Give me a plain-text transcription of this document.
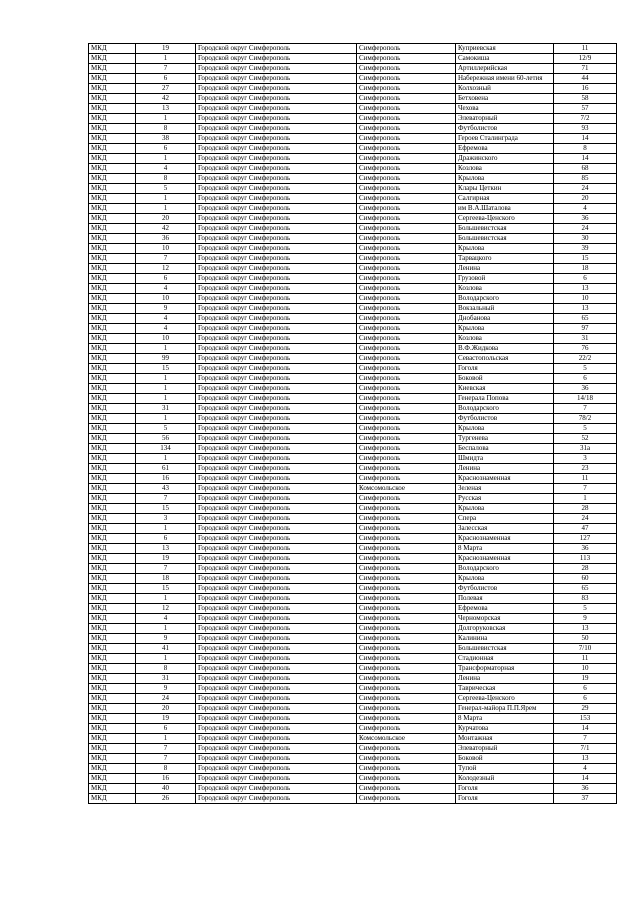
МКД	19	Городской округ Симферополь	Симферополь	Куприевская	11
МКД	1	Городской округ Симферополь	Симферополь	Самокиша	12/9
МКД	7	Городской округ Симферополь	Симферополь	Артиллерийская	71
МКД	6	Городской округ Симферополь	Симферополь	Набережная имени 60-летия	44
МКД	27	Городской округ Симферополь	Симферополь	Колхозный	16
МКД	42	Городской округ Симферополь	Симферополь	Бетховена	58
МКД	13	Городской округ Симферополь	Симферополь	Чехова	57
МКД	1	Городской округ Симферополь	Симферополь	Элеваторный	7/2
МКД	8	Городской округ Симферополь	Симферополь	Футболистов	93
МКД	38	Городской округ Симферополь	Симферополь	Героев Сталинграда	14
МКД	6	Городской округ Симферополь	Симферополь	Ефремова	8
МКД	1	Городской округ Симферополь	Симферополь	Дражинского	14
МКД	4	Городской округ Симферополь	Симферополь	Козлова	68
МКД	8	Городской округ Симферополь	Симферополь	Крылова	85
МКД	5	Городской округ Симферополь	Симферополь	Клары Цеткин	24
МКД	1	Городской округ Симферополь	Симферополь	Салгирная	20
МКД	1	Городской округ Симферополь	Симферополь	им В.А.Шаталова	4
МКД	20	Городской округ Симферополь	Симферополь	Сергеева-Ценского	36
МКД	42	Городской округ Симферополь	Симферополь	Большевистская	24
МКД	36	Городской округ Симферополь	Симферополь	Большевистская	30
МКД	10	Городской округ Симферополь	Симферополь	Крылова	39
МКД	7	Городской округ Симферополь	Симферополь	Тарвацкого	15
МКД	12	Городской округ Симферополь	Симферополь	Ленина	18
МКД	6	Городской округ Симферополь	Симферополь	Грузовой	6
МКД	4	Городской округ Симферополь	Симферополь	Козлова	13
МКД	10	Городской округ Симферополь	Симферополь	Володарского	10
МКД	9	Городской округ Симферополь	Симферополь	Вокзальный	13
МКД	4	Городской округ Симферополь	Симферополь	Днобанова	65
МКД	4	Городской округ Симферополь	Симферополь	Крылова	97
МКД	10	Городской округ Симферополь	Симферополь	Козлова	31
МКД	1	Городской округ Симферополь	Симферополь	В.Ф.Жидкова	76
МКД	99	Городской округ Симферополь	Симферополь	Севастопольская	22/2
МКД	15	Городской округ Симферополь	Симферополь	Гоголя	5
МКД	1	Городской округ Симферополь	Симферополь	Боковой	6
МКД	1	Городской округ Симферополь	Симферополь	Киевская	36
МКД	1	Городской округ Симферополь	Симферополь	Генерала Попова	14/18
МКД	31	Городской округ Симферополь	Симферополь	Володарского	7
МКД	1	Городской округ Симферополь	Симферополь	Футболистов	78/2
МКД	5	Городской округ Симферополь	Симферополь	Крылова	5
МКД	56	Городской округ Симферополь	Симферополь	Тургенева	52
МКД	134	Городской округ Симферополь	Симферополь	Беспалова	31а
МКД	1	Городской округ Симферополь	Симферополь	Шмидта	3
МКД	61	Городской округ Симферополь	Симферополь	Ленина	23
МКД	16	Городской округ Симферополь	Симферополь	Краснознаменная	11
МКД	43	Городской округ Симферополь	Комсомольское	Зеленая	7
МКД	7	Городской округ Симферополь	Симферополь	Русская	1
МКД	15	Городской округ Симферополь	Симферополь	Крылова	28
МКД	3	Городской округ Симферополь	Симферополь	Спера	24
МКД	1	Городской округ Симферополь	Симферополь	Залесская	47
МКД	6	Городской округ Симферополь	Симферополь	Краснознаменная	127
МКД	13	Городской округ Симферополь	Симферополь	8 Марта	36
МКД	19	Городской округ Симферополь	Симферополь	Краснознаменная	113
МКД	7	Городской округ Симферополь	Симферополь	Володарского	28
МКД	18	Городской округ Симферополь	Симферополь	Крылова	60
МКД	15	Городской округ Симферополь	Симферополь	Футболистов	65
МКД	1	Городской округ Симферополь	Симферополь	Полевая	83
МКД	12	Городской округ Симферополь	Симферополь	Ефремова	5
МКД	4	Городской округ Симферополь	Симферополь	Черноморская	9
МКД	1	Городской округ Симферополь	Симферополь	Долгоруковская	13
МКД	9	Городской округ Симферополь	Симферополь	Калинина	50
МКД	41	Городской округ Симферополь	Симферополь	Большевистская	7/10
МКД	1	Городской округ Симферополь	Симферополь	Стадионная	11
МКД	8	Городской округ Симферополь	Симферополь	Трансформаторная	10
МКД	31	Городской округ Симферополь	Симферополь	Ленина	19
МКД	9	Городской округ Симферополь	Симферополь	Таврическая	6
МКД	24	Городской округ Симферополь	Симферополь	Сергеева-Ценского	6
МКД	20	Городской округ Симферополь	Симферополь	Генерал-майора П.П.Ярем	29
МКД	19	Городской округ Симферополь	Симферополь	8 Марта	153
МКД	6	Городской округ Симферополь	Симферополь	Курчатова	14
МКД	1	Городской округ Симферополь	Комсомольское	Монтажная	7
МКД	7	Городской округ Симферополь	Симферополь	Элеваторный	7/1
МКД	7	Городской округ Симферополь	Симферополь	Боковой	13
МКД	8	Городской округ Симферополь	Симферополь	Тупой	4
МКД	16	Городской округ Симферополь	Симферополь	Колодезный	14
МКД	40	Городской округ Симферополь	Симферополь	Гоголя	36
МКД	26	Городской округ Симферополь	Симферополь	Гоголя	37
